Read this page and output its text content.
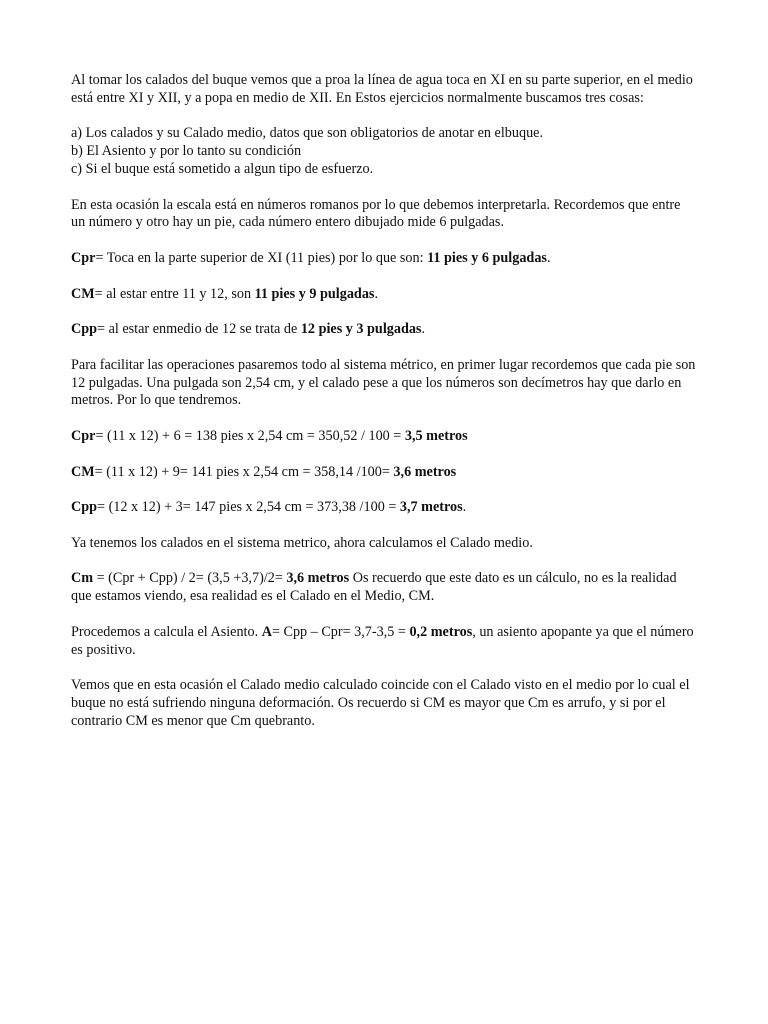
Al tomar los calados del buque vemos que a proa la línea de agua toca en XI en su parte superior, en el medio está entre XI y XII, y a popa en medio de XII. En Estos ejercicios normalmente buscamos tres cosas:

a) Los calados y su Calado medio, datos que son obligatorios de anotar en elbuque.

b) El Asiento y por lo tanto su condición

c) Si el buque está sometido a algun tipo de esfuerzo.

En esta ocasión la escala está en números romanos por lo que debemos interpretarla. Recordemos que entre un número y otro hay un pie, cada número entero dibujado mide 6 pulgadas.

Cpr= Toca en la parte superior de XI (11 pies) por lo que son: 11 pies y 6 pulgadas.

CM= al estar entre 11 y 12, son 11 pies y 9 pulgadas.

Cpp= al estar enmedio de 12 se trata de 12 pies y 3 pulgadas.

Para facilitar las operaciones pasaremos todo al sistema métrico, en primer lugar recordemos que cada pie son 12 pulgadas. Una pulgada son 2,54 cm, y el calado pese a que los números son decímetros hay que darlo en metros. Por lo que tendremos.

Cpr= (11 x 12) + 6 = 138 pies x 2,54 cm = 350,52 / 100 = 3,5 metros

CM= (11 x 12) + 9= 141 pies x 2,54 cm = 358,14 /100= 3,6 metros

Cpp= (12 x 12) + 3= 147 pies x 2,54 cm = 373,38 /100 = 3,7 metros.

Ya tenemos los calados en el sistema metrico, ahora calculamos el Calado medio.

Cm = (Cpr + Cpp) / 2= (3,5 +3,7)/2= 3,6 metros Os recuerdo que este dato es un cálculo, no es la realidad que estamos viendo, esa realidad es el Calado en el Medio, CM.

Procedemos a calcula el Asiento. A= Cpp – Cpr= 3,7-3,5 = 0,2 metros, un asiento apopante ya que el número es positivo.

Vemos que en esta ocasión el Calado medio calculado coincide con el Calado visto en el medio por lo cual el buque no está sufriendo ninguna deformación. Os recuerdo si CM es mayor que Cm es arrufo, y si por el contrario CM es menor que Cm quebranto.
